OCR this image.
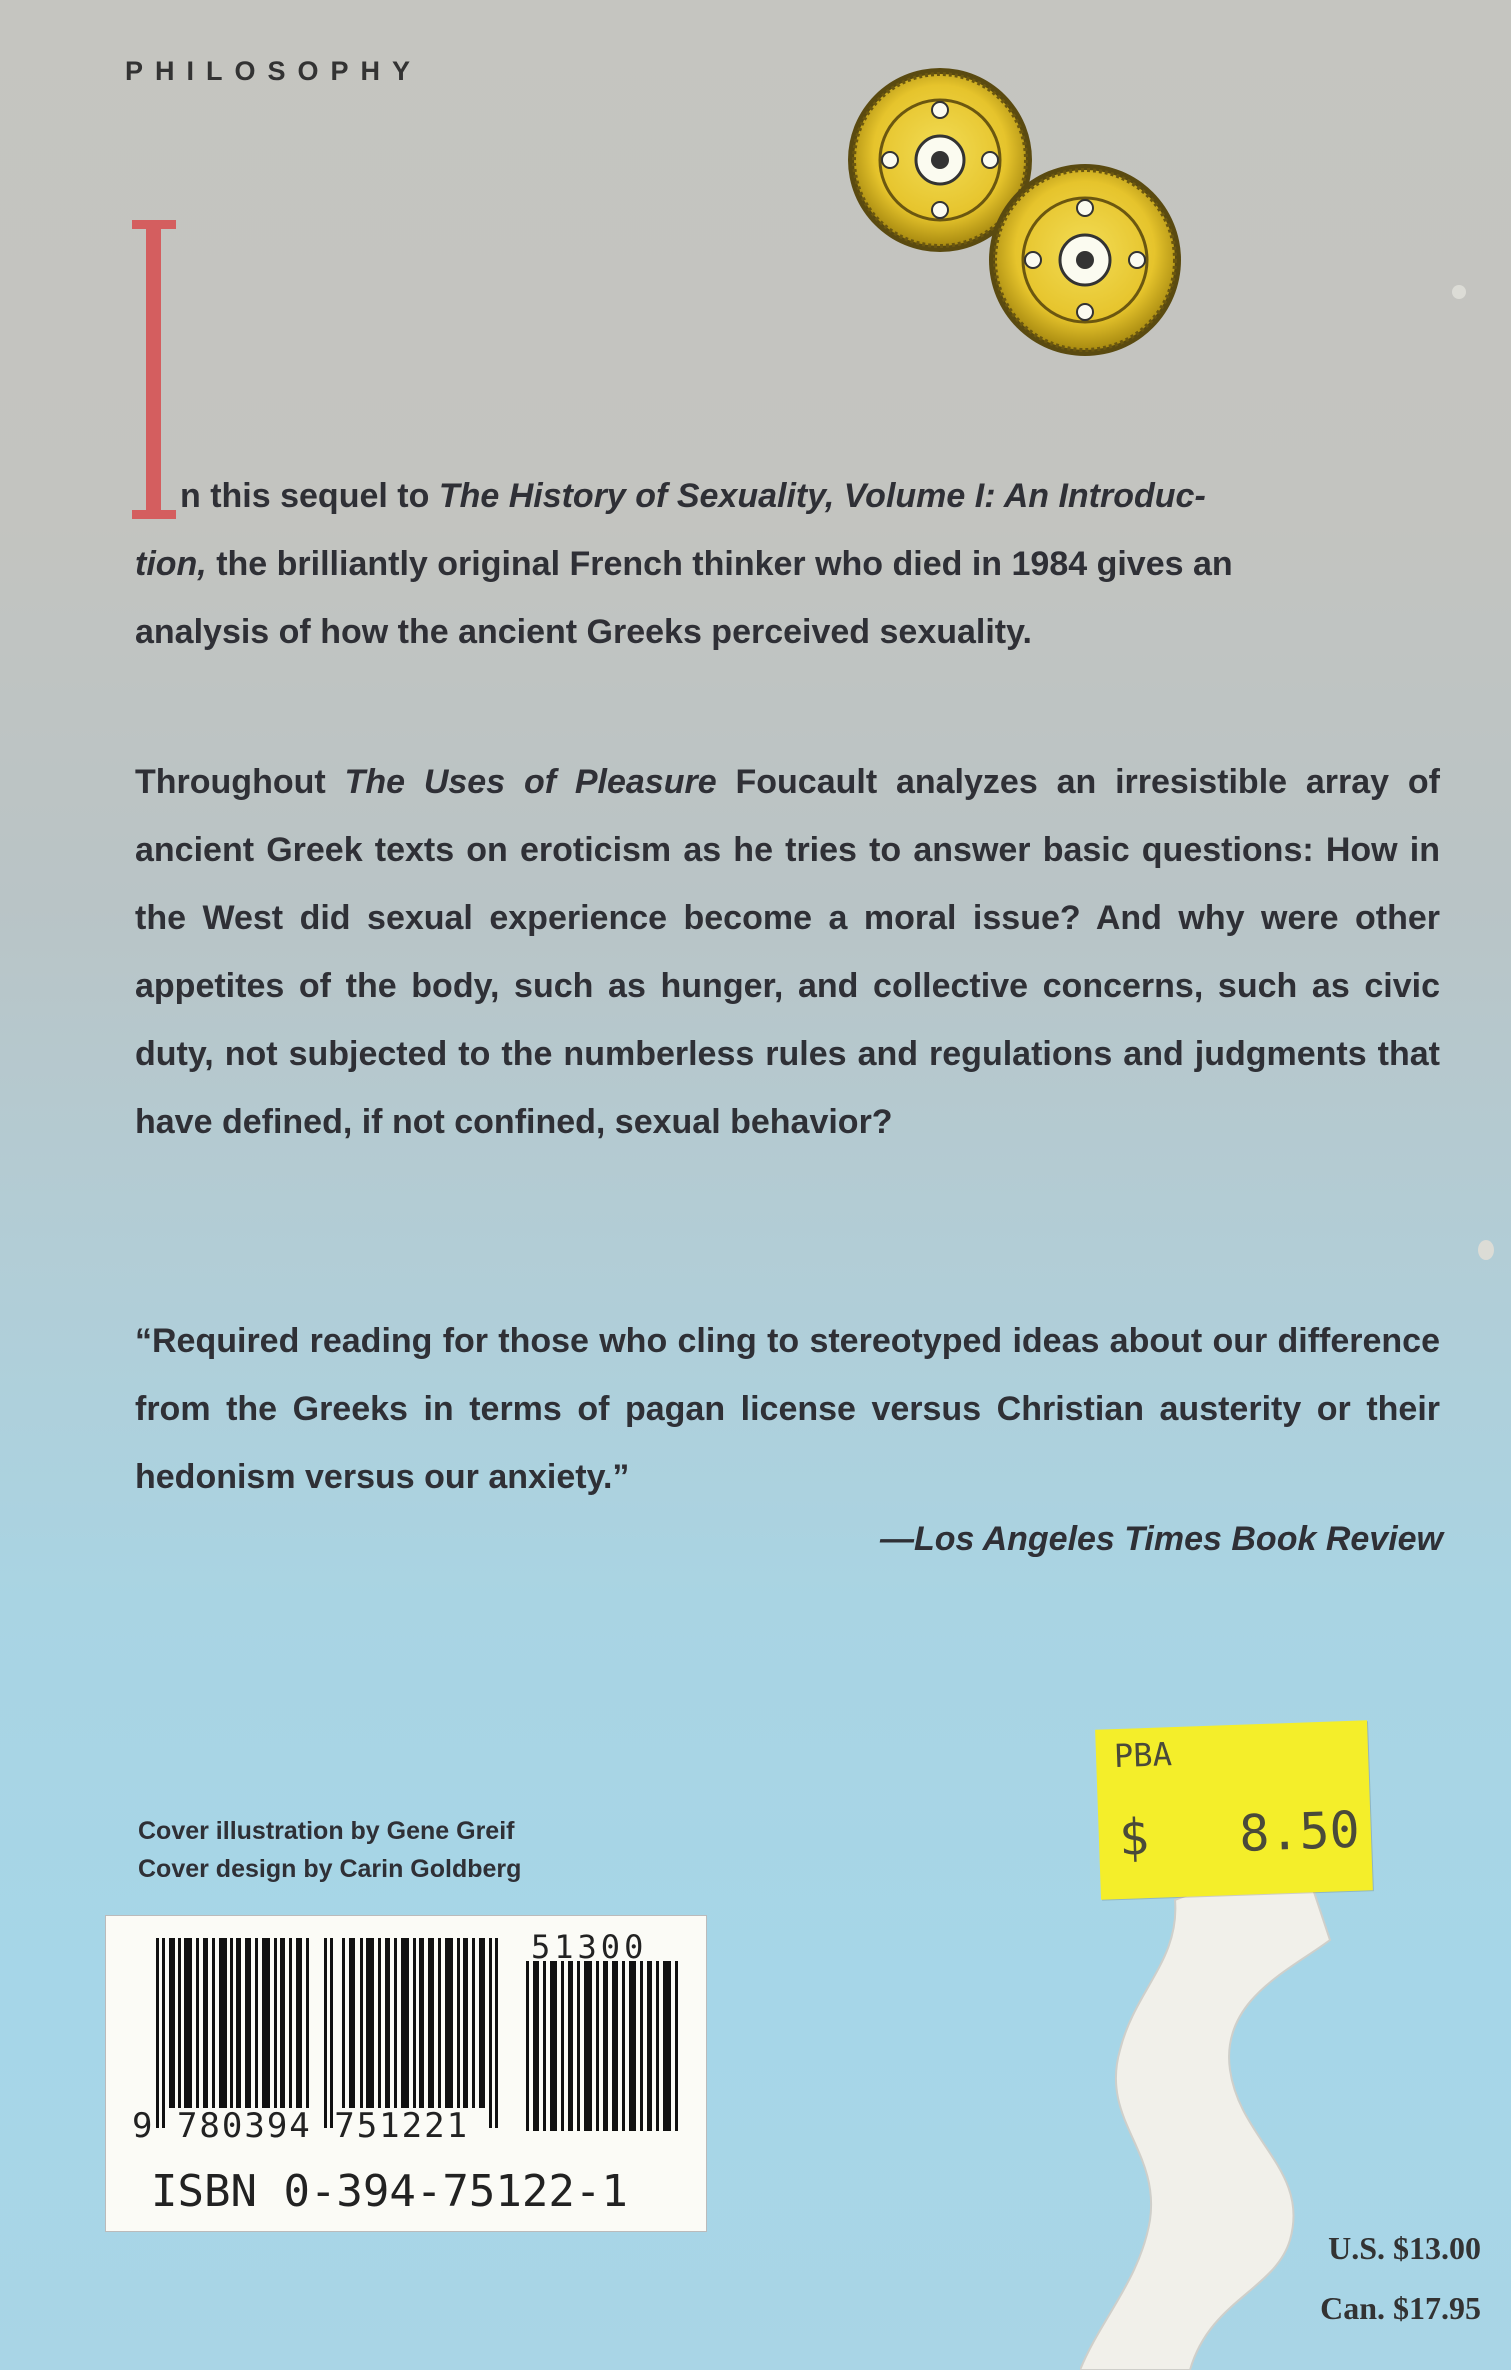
PHILOSOPHY
n this sequel to The History of Sexuality, Volume I: An Introduc-
tion, the brilliantly original French thinker who died in 1984 gives an
analysis of how the ancient Greeks perceived sexuality.
Throughout The Uses of Pleasure Foucault analyzes an irresistible array of ancient Greek texts on eroticism as he tries to answer basic questions: How in the West did sexual experience become a moral issue? And why were other appetites of the body, such as hunger, and collective concerns, such as civic duty, not subjected to the numberless rules and regulations and judgments that have defined, if not confined, sexual behavior?
“Required reading for those who cling to stereotyped ideas about our difference from the Greeks in terms of pagan license versus Christian austerity or their hedonism versus our anxiety.”
—Los Angeles Times Book Review
Cover illustration by Gene Greif
Cover design by Carin Goldberg
51300
9 780394 751221
ISBN 0-394-75122-1
PBA
$   8.50
U.S. $13.00
Can. $17.95
